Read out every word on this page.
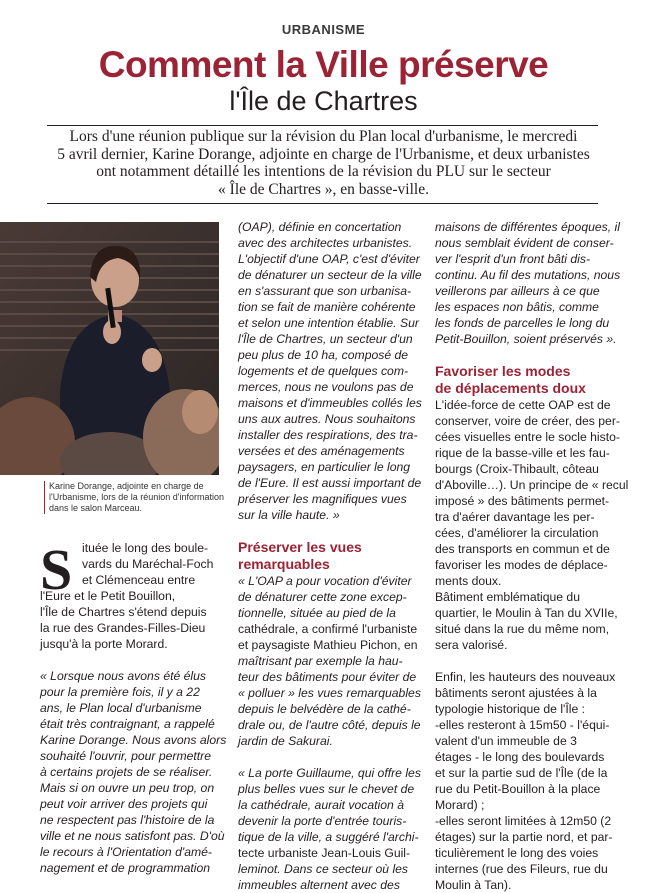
URBANISME
Comment la Ville préserve
l'Île de Chartres
Lors d'une réunion publique sur la révision du Plan local d'urbanisme, le mercredi
5 avril dernier, Karine Dorange, adjointe en charge de l'Urbanisme, et deux urbanistes
ont notamment détaillé les intentions de la révision du PLU sur le secteur
« Île de Chartres », en basse-ville.
Karine Dorange, adjointe en charge de l'Urbanisme, lors de la réunion d'information dans le salon Marceau.
S ituée le long des boule-
vards du Maréchal-Foch
et Clémenceau entre
l'Eure et le Petit Bouillon,
l'Île de Chartres s'étend depuis
la rue des Grandes-Filles-Dieu
jusqu'à la porte Morard.
« Lorsque nous avons été élus
pour la première fois, il y a 22
ans, le Plan local d'urbanisme
était très contraignant, a rappelé
Karine Dorange. Nous avons alors
souhaité l'ouvrir, pour permettre
à certains projets de se réaliser.
Mais si on ouvre un peu trop, on
peut voir arriver des projets qui
ne respectent pas l'histoire de la
ville et ne nous satisfont pas. D'où
le recours à l'Orientation d'amé-
nagement et de programmation
(OAP), définie en concertation
avec des architectes urbanistes.
L'objectif d'une OAP, c'est d'éviter
de dénaturer un secteur de la ville
en s'assurant que son urbanisa-
tion se fait de manière cohérente
et selon une intention établie. Sur
l'Île de Chartres, un secteur d'un
peu plus de 10 ha, composé de
logements et de quelques com-
merces, nous ne voulons pas de
maisons et d'immeubles collés les
uns aux autres. Nous souhaitons
installer des respirations, des tra-
versées et des aménagements
paysagers, en particulier le long
de l'Eure. Il est aussi important de
préserver les magnifiques vues
sur la ville haute. »
Préserver les vues
remarquables
« L'OAP a pour vocation d'éviter
de dénaturer cette zone excep-
tionnelle, située au pied de la
cathédrale, a confirmé l'urbaniste
et paysagiste Mathieu Pichon, en
maîtrisant par exemple la hau-
teur des bâtiments pour éviter de
« polluer » les vues remarquables
depuis le belvédère de la cathé-
drale ou, de l'autre côté, depuis le
jardin de Sakurai.
« La porte Guillaume, qui offre les
plus belles vues sur le chevet de
la cathédrale, aurait vocation à
devenir la porte d'entrée touris-
tique de la ville, a suggéré l'archi-
tecte urbaniste Jean-Louis Guil-
leminot. Dans ce secteur où les
immeubles alternent avec des
maisons de différentes époques, il
nous semblait évident de conser-
ver l'esprit d'un front bâti dis-
continu. Au fil des mutations, nous
veillerons par ailleurs à ce que
les espaces non bâtis, comme
les fonds de parcelles le long du
Petit-Bouillon, soient préservés ».
Favoriser les modes
de déplacements doux
L'idée-force de cette OAP est de
conserver, voire de créer, des per-
cées visuelles entre le socle histo-
rique de la basse-ville et les fau-
bourgs (Croix-Thibault, côteau
d'Aboville…). Un principe de « recul
imposé » des bâtiments permet-
tra d'aérer davantage les per-
cées, d'améliorer la circulation
des transports en commun et de
favoriser les modes de déplace-
ments doux.
Bâtiment emblématique du
quartier, le Moulin à Tan du XVIIe,
situé dans la rue du même nom,
sera valorisé.
Enfin, les hauteurs des nouveaux
bâtiments seront ajustées à la
typologie historique de l'Île :
-elles resteront à 15m50 - l'équi-
valent d'un immeuble de 3
étages - le long des boulevards
et sur la partie sud de l'Île (de la
rue du Petit-Bouillon à la place
Morard) ;
-elles seront limitées à 12m50 (2
étages) sur la partie nord, et par-
ticulièrement le long des voies
internes (rue des Fileurs, rue du
Moulin à Tan).
